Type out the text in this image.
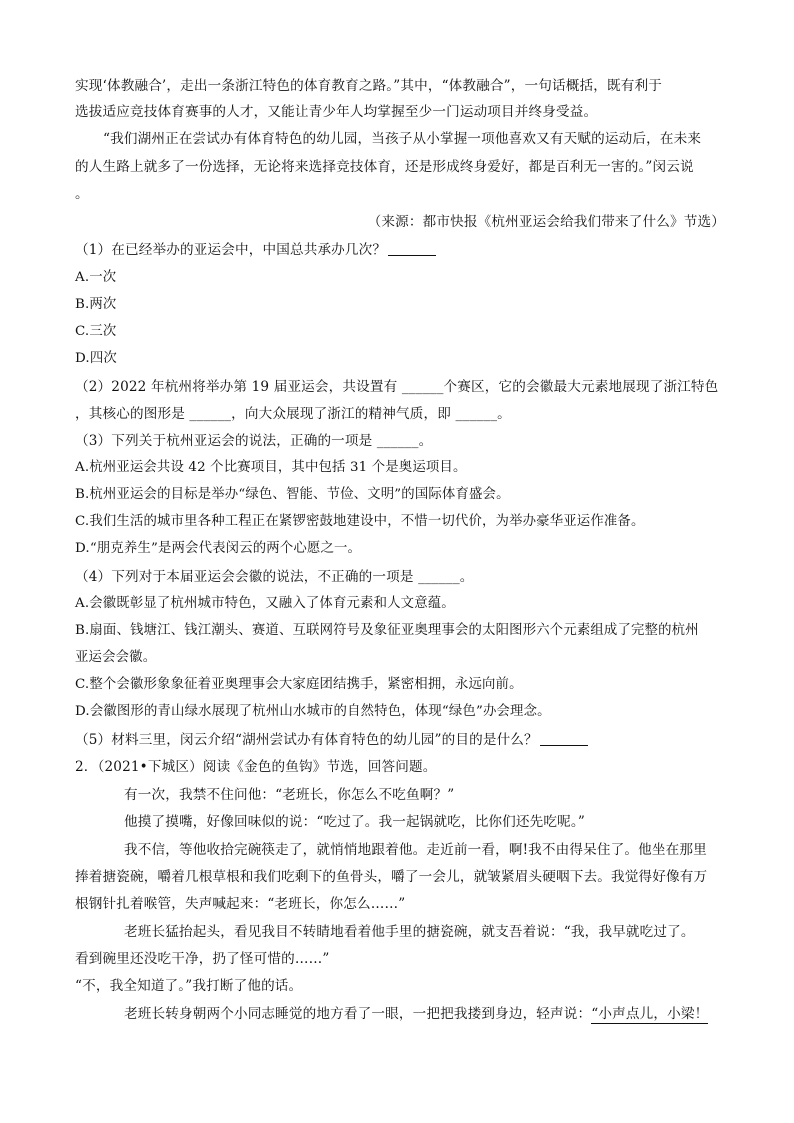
实现‘体教融合’，走出一条浙江特色的体育教育之路。”其中，“体教融合”，一句话概括，既有利于
选拔适应竞技体育赛事的人才，又能让青少年人均掌握至少一门运动项目并终身受益。
“我们湖州正在尝试办有体育特色的幼儿园，当孩子从小掌握一项他喜欢又有天赋的运动后，在未来
的人生路上就多了一份选择，无论将来选择竞技体育，还是形成终身爱好，都是百利无一害的。”闵云说
。
（来源：都市快报《杭州亚运会给我们带来了什么》节选）
（1）在已经举办的亚运会中，中国总共承办几次？
A.一次
B.两次
C.三次
D.四次
（2）2022 年杭州将举办第 19 届亚运会，共设置有 ______个赛区，它的会徽最大元素地展现了浙江特色
，其核心的图形是 ______，向大众展现了浙江的精神气质，即 ______。
（3）下列关于杭州亚运会的说法，正确的一项是 ______。
A.杭州亚运会共设 42 个比赛项目，其中包括 31 个是奥运项目。
B.杭州亚运会的目标是举办“绿色、智能、节俭、文明”的国际体育盛会。
C.我们生活的城市里各种工程正在紧锣密鼓地建设中，不惜一切代价，为举办豪华亚运作准备。
D.“朋克养生”是两会代表闵云的两个心愿之一。
（4）下列对于本届亚运会会徽的说法，不正确的一项是 ______。
A.会徽既彰显了杭州城市特色，又融入了体育元素和人文意蕴。
B.扇面、钱塘江、钱江潮头、赛道、互联网符号及象征亚奥理事会的太阳图形六个元素组成了完整的杭州
亚运会会徽。
C.整个会徽形象象征着亚奥理事会大家庭团结携手，紧密相拥，永远向前。
D.会徽图形的青山绿水展现了杭州山水城市的自然特色，体现“绿色”办会理念。
（5）材料三里，闵云介绍“湖州尝试办有体育特色的幼儿园”的目的是什么？
2．（2021•下城区）阅读《金色的鱼钩》节选，回答问题。
有一次，我禁不住问他：“老班长，你怎么不吃鱼啊？”
他摸了摸嘴，好像回味似的说：“吃过了。我一起锅就吃，比你们还先吃呢。”
我不信，等他收拾完碗筷走了，就悄悄地跟着他。走近前一看，啊!我不由得呆住了。他坐在那里
捧着搪瓷碗，嚼着几根草根和我们吃剩下的鱼骨头，嚼了一会儿，就皱紧眉头硬咽下去。我觉得好像有万
根钢针扎着喉管，失声喊起来：“老班长，你怎么……”
老班长猛抬起头，看见我目不转睛地看着他手里的搪瓷碗，就支吾着说：“我，我早就吃过了。
看到碗里还没吃干净，扔了怪可惜的……”
“不，我全知道了。”我打断了他的话。
老班长转身朝两个小同志睡觉的地方看了一眼，一把把我搂到身边，轻声说：“小声点儿，小梁！
